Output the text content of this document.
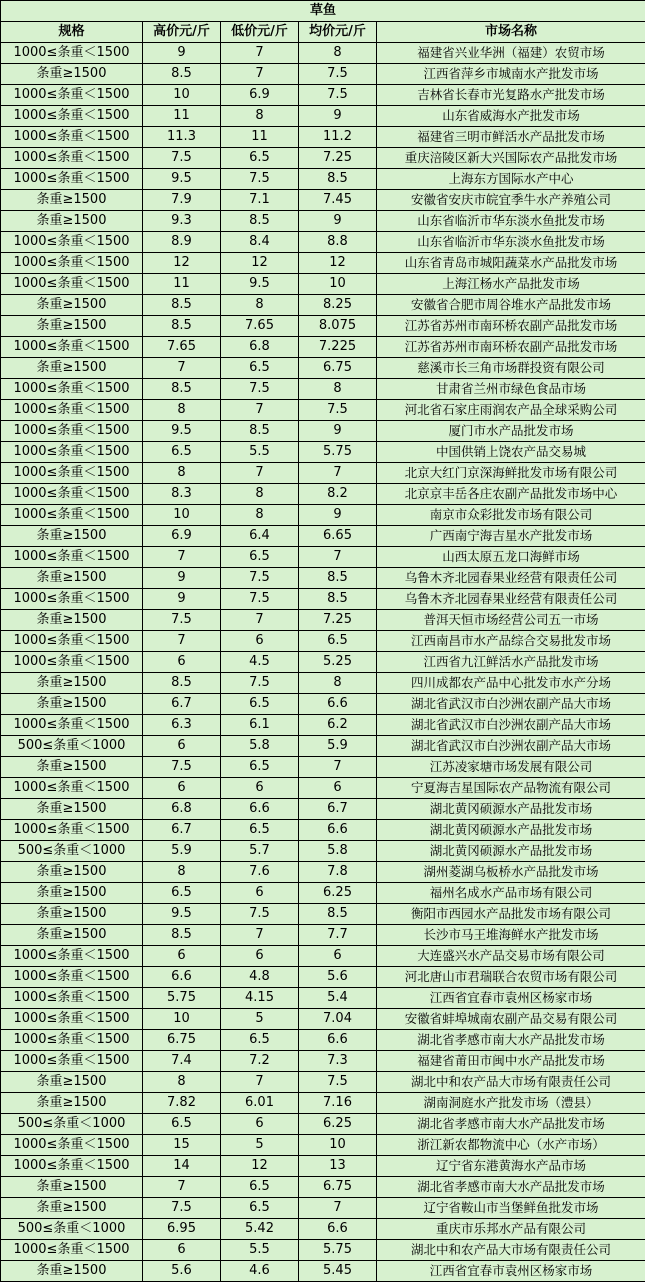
草鱼				
规格	高价元/斤	低价元/斤	均价元/斤	市场名称
1000≤条重＜1500	9	7	8	福建省兴业华洲（福建）农贸市场
条重≥1500	8.5	7	7.5	江西省萍乡市城南水产批发市场
1000≤条重＜1500	10	6.9	7.5	吉林省长春市光复路水产批发市场
1000≤条重＜1500	11	8	9	山东省威海水产批发市场
1000≤条重＜1500	11.3	11	11.2	福建省三明市鲜活水产品批发市场
1000≤条重＜1500	7.5	6.5	7.25	重庆涪陵区新大兴国际农产品批发市场
1000≤条重＜1500	9.5	7.5	8.5	上海东方国际水产中心
条重≥1500	7.9	7.1	7.45	安徽省安庆市皖宜季牛水产养殖公司
条重≥1500	9.3	8.5	9	山东省临沂市华东淡水鱼批发市场
1000≤条重＜1500	8.9	8.4	8.8	山东省临沂市华东淡水鱼批发市场
1000≤条重＜1500	12	12	12	山东省青岛市城阳蔬菜水产品批发市场
1000≤条重＜1500	11	9.5	10	上海江杨水产品批发市场
条重≥1500	8.5	8	8.25	安徽省合肥市周谷堆水产品批发市场
条重≥1500	8.5	7.65	8.075	江苏省苏州市南环桥农副产品批发市场
1000≤条重＜1500	7.65	6.8	7.225	江苏省苏州市南环桥农副产品批发市场
条重≥1500	7	6.5	6.75	慈溪市长三角市场群投资有限公司
1000≤条重＜1500	8.5	7.5	8	甘肃省兰州市绿色食品市场
1000≤条重＜1500	8	7	7.5	河北省石家庄雨润农产品全球采购公司
1000≤条重＜1500	9.5	8.5	9	厦门市水产品批发市场
1000≤条重＜1500	6.5	5.5	5.75	中国供销上饶农产品交易城
1000≤条重＜1500	8	7	7	北京大红门京深海鲜批发市场有限公司
1000≤条重＜1500	8.3	8	8.2	北京京丰岳各庄农副产品批发市场中心
1000≤条重＜1500	10	8	9	南京市众彩批发市场有限公司
条重≥1500	6.9	6.4	6.65	广西南宁海吉星水产批发市场
1000≤条重＜1500	7	6.5	7	山西太原五龙口海鲜市场
条重≥1500	9	7.5	8.5	乌鲁木齐北园春果业经营有限责任公司
1000≤条重＜1500	9	7.5	8.5	乌鲁木齐北园春果业经营有限责任公司
条重≥1500	7.5	7	7.25	普洱天恒市场经营公司五一市场
1000≤条重＜1500	7	6	6.5	江西南昌市水产品综合交易批发市场
1000≤条重＜1500	6	4.5	5.25	江西省九江鲜活水产品批发市场
条重≥1500	8.5	7.5	8	四川成都农产品中心批发市水产分场
条重≥1500	6.7	6.5	6.6	湖北省武汉市白沙洲农副产品大市场
1000≤条重＜1500	6.3	6.1	6.2	湖北省武汉市白沙洲农副产品大市场
500≤条重＜1000	6	5.8	5.9	湖北省武汉市白沙洲农副产品大市场
条重≥1500	7.5	6.5	7	江苏凌家塘市场发展有限公司
1000≤条重＜1500	6	6	6	宁夏海吉星国际农产品物流有限公司
条重≥1500	6.8	6.6	6.7	湖北黄冈硕源水产品批发市场
1000≤条重＜1500	6.7	6.5	6.6	湖北黄冈硕源水产品批发市场
500≤条重＜1000	5.9	5.7	5.8	湖北黄冈硕源水产品批发市场
条重≥1500	8	7.6	7.8	湖州菱湖乌板桥水产品批发市场
条重≥1500	6.5	6	6.25	福州名成水产品市场有限公司
条重≥1500	9.5	7.5	8.5	衡阳市西园水产品批发市场有限公司
条重≥1500	8.5	7	7.7	长沙市马王堆海鲜水产批发市场
1000≤条重＜1500	6	6	6	大连盛兴水产品交易市场有限公司
1000≤条重＜1500	6.6	4.8	5.6	河北唐山市君瑞联合农贸市场有限公司
1000≤条重＜1500	5.75	4.15	5.4	江西省宜春市袁州区杨家市场
1000≤条重＜1500	10	5	7.04	安徽省蚌埠城南农副产品交易有限公司
1000≤条重＜1500	6.75	6.5	6.6	湖北省孝感市南大水产品批发市场
1000≤条重＜1500	7.4	7.2	7.3	福建省莆田市闽中水产品批发市场
条重≥1500	8	7	7.5	湖北中和农产品大市场有限责任公司
条重≥1500	7.82	6.01	7.16	湖南洞庭水产批发市场（澧县）
500≤条重＜1000	6.5	6	6.25	湖北省孝感市南大水产品批发市场
1000≤条重＜1500	15	5	10	浙江新农都物流中心（水产市场）
1000≤条重＜1500	14	12	13	辽宁省东港黄海水产品市场
条重≥1500	7	6.5	6.75	湖北省孝感市南大水产品批发市场
条重≥1500	7.5	6.5	7	辽宁省鞍山市当堡鲜鱼批发市场
500≤条重＜1000	6.95	5.42	6.6	重庆市乐邦水产品有限公司
1000≤条重＜1500	6	5.5	5.75	湖北中和农产品大市场有限责任公司
条重≥1500	5.6	4.6	5.45	江西省宜春市袁州区杨家市场
